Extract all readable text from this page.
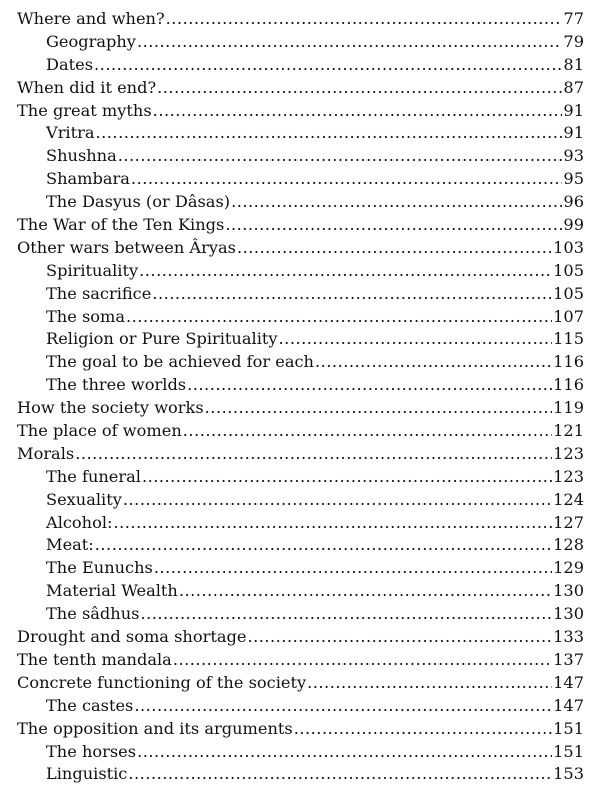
Where and when? .....	77
Geography .....	79
Dates .....	81
When did it end? .....	87
The great myths .....	91
Vritra .....	91
Shushna .....	93
Shambara .....	95
The Dasyus (or Dâsas) .....	96
The War of the Ten Kings .....	99
Other wars between Âryas .....	103
Spirituality .....	105
The sacrifice .....	105
The soma .....	107
Religion or Pure Spirituality .....	115
The goal to be achieved for each .....	116
The three worlds .....	116
How the society works .....	119
The place of women .....	121
Morals .....	123
The funeral .....	123
Sexuality .....	124
Alcohol: .....	127
Meat: .....	128
The Eunuchs .....	129
Material Wealth .....	130
The sâdhus .....	130
Drought and soma shortage .....	133
The tenth mandala .....	137
Concrete functioning of the society .....	147
The castes .....	147
The opposition and its arguments .....	151
The horses .....	151
Linguistic .....	153
